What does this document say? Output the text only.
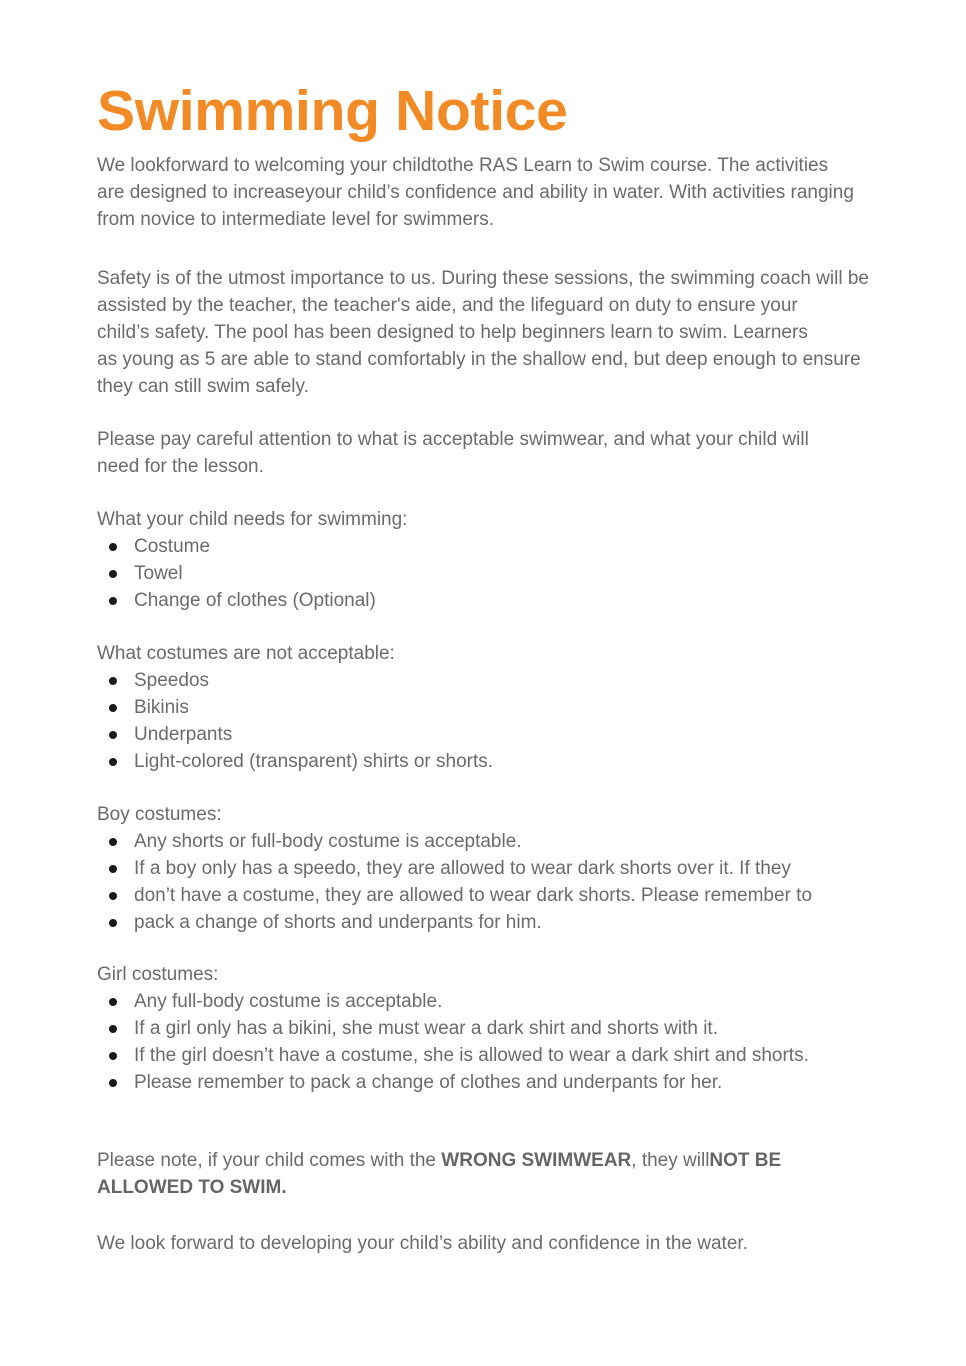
Swimming Notice
We lookforward to welcoming your childtothe RAS Learn to Swim course. The activities
are designed to increaseyour child’s confidence and ability in water. With activities ranging
from novice to intermediate level for swimmers.
Safety is of the utmost importance to us. During these sessions, the swimming coach will be
assisted by the teacher, the teacher's aide, and the lifeguard on duty to ensure your
child’s safety. The pool has been designed to help beginners learn to swim. Learners
as young as 5 are able to stand comfortably in the shallow end, but deep enough to ensure
they can still swim safely.
Please pay careful attention to what is acceptable swimwear, and what your child will
need for the lesson.
What your child needs for swimming:
Costume
Towel
Change of clothes (Optional)
What costumes are not acceptable:
Speedos
Bikinis
Underpants
Light-colored (transparent) shirts or shorts.
Boy costumes:
Any shorts or full-body costume is acceptable.
If a boy only has a speedo, they are allowed to wear dark shorts over it. If they
don’t have a costume, they are allowed to wear dark shorts. Please remember to
pack a change of shorts and underpants for him.
Girl costumes:
Any full-body costume is acceptable.
If a girl only has a bikini, she must wear a dark shirt and shorts with it.
If the girl doesn’t have a costume, she is allowed to wear a dark shirt and shorts.
Please remember to pack a change of clothes and underpants for her.
Please note, if your child comes with the WRONG SWIMWEAR, they willNOT BE
ALLOWED TO SWIM.
We look forward to developing your child’s ability and confidence in the water.
